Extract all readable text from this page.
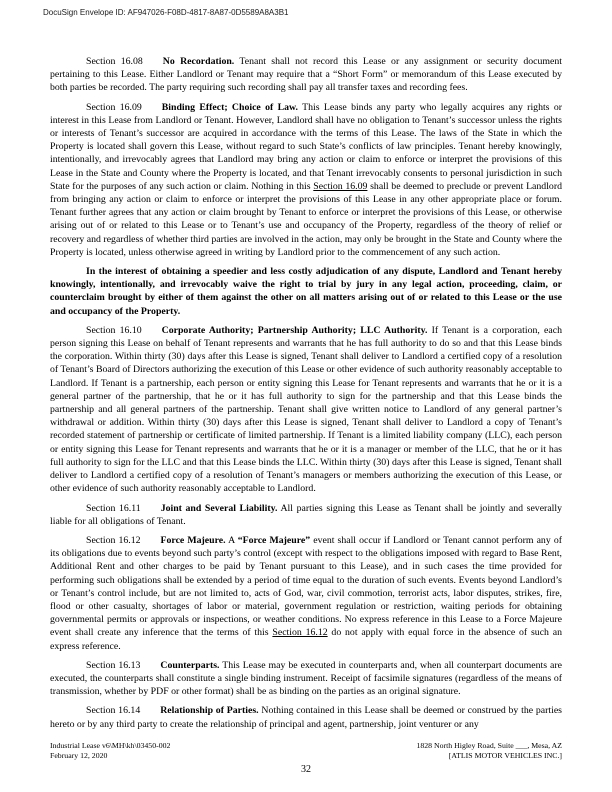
DocuSign Envelope ID: AF947026-F08D-4817-8A87-0D5589A8A3B1

Section 16.08 No Recordation. Tenant shall not record this Lease or any assignment or security document pertaining to this Lease. Either Landlord or Tenant may require that a “Short Form” or memorandum of this Lease executed by both parties be recorded. The party requiring such recording shall pay all transfer taxes and recording fees.

Section 16.09 Binding Effect; Choice of Law. This Lease binds any party who legally acquires any rights or interest in this Lease from Landlord or Tenant. However, Landlord shall have no obligation to Tenant’s successor unless the rights or interests of Tenant’s successor are acquired in accordance with the terms of this Lease. The laws of the State in which the Property is located shall govern this Lease, without regard to such State’s conflicts of law principles. Tenant hereby knowingly, intentionally, and irrevocably agrees that Landlord may bring any action or claim to enforce or interpret the provisions of this Lease in the State and County where the Property is located, and that Tenant irrevocably consents to personal jurisdiction in such State for the purposes of any such action or claim. Nothing in this Section 16.09 shall be deemed to preclude or prevent Landlord from bringing any action or claim to enforce or interpret the provisions of this Lease in any other appropriate place or forum. Tenant further agrees that any action or claim brought by Tenant to enforce or interpret the provisions of this Lease, or otherwise arising out of or related to this Lease or to Tenant’s use and occupancy of the Property, regardless of the theory of relief or recovery and regardless of whether third parties are involved in the action, may only be brought in the State and County where the Property is located, unless otherwise agreed in writing by Landlord prior to the commencement of any such action.

In the interest of obtaining a speedier and less costly adjudication of any dispute, Landlord and Tenant hereby knowingly, intentionally, and irrevocably waive the right to trial by jury in any legal action, proceeding, claim, or counterclaim brought by either of them against the other on all matters arising out of or related to this Lease or the use and occupancy of the Property.

Section 16.10 Corporate Authority; Partnership Authority; LLC Authority. If Tenant is a corporation, each person signing this Lease on behalf of Tenant represents and warrants that he has full authority to do so and that this Lease binds the corporation. Within thirty (30) days after this Lease is signed, Tenant shall deliver to Landlord a certified copy of a resolution of Tenant’s Board of Directors authorizing the execution of this Lease or other evidence of such authority reasonably acceptable to Landlord. If Tenant is a partnership, each person or entity signing this Lease for Tenant represents and warrants that he or it is a general partner of the partnership, that he or it has full authority to sign for the partnership and that this Lease binds the partnership and all general partners of the partnership. Tenant shall give written notice to Landlord of any general partner’s withdrawal or addition. Within thirty (30) days after this Lease is signed, Tenant shall deliver to Landlord a copy of Tenant’s recorded statement of partnership or certificate of limited partnership. If Tenant is a limited liability company (LLC), each person or entity signing this Lease for Tenant represents and warrants that he or it is a manager or member of the LLC, that he or it has full authority to sign for the LLC and that this Lease binds the LLC. Within thirty (30) days after this Lease is signed, Tenant shall deliver to Landlord a certified copy of a resolution of Tenant’s managers or members authorizing the execution of this Lease, or other evidence of such authority reasonably acceptable to Landlord.

Section 16.11 Joint and Several Liability. All parties signing this Lease as Tenant shall be jointly and severally liable for all obligations of Tenant.

Section 16.12 Force Majeure. A “Force Majeure” event shall occur if Landlord or Tenant cannot perform any of its obligations due to events beyond such party’s control (except with respect to the obligations imposed with regard to Base Rent, Additional Rent and other charges to be paid by Tenant pursuant to this Lease), and in such cases the time provided for performing such obligations shall be extended by a period of time equal to the duration of such events. Events beyond Landlord’s or Tenant’s control include, but are not limited to, acts of God, war, civil commotion, terrorist acts, labor disputes, strikes, fire, flood or other casualty, shortages of labor or material, government regulation or restriction, waiting periods for obtaining governmental permits or approvals or inspections, or weather conditions. No express reference in this Lease to a Force Majeure event shall create any inference that the terms of this Section 16.12 do not apply with equal force in the absence of such an express reference.

Section 16.13 Counterparts. This Lease may be executed in counterparts and, when all counterpart documents are executed, the counterparts shall constitute a single binding instrument. Receipt of facsimile signatures (regardless of the means of transmission, whether by PDF or other format) shall be as binding on the parties as an original signature.

Section 16.14 Relationship of Parties. Nothing contained in this Lease shall be deemed or construed by the parties hereto or by any third party to create the relationship of principal and agent, partnership, joint venturer or any

Industrial Lease v6\MH\kh\03450-002
February 12, 2020
1828 North Higley Road, Suite ___, Mesa, AZ
[ATLIS MOTOR VEHICLES INC.]
32
